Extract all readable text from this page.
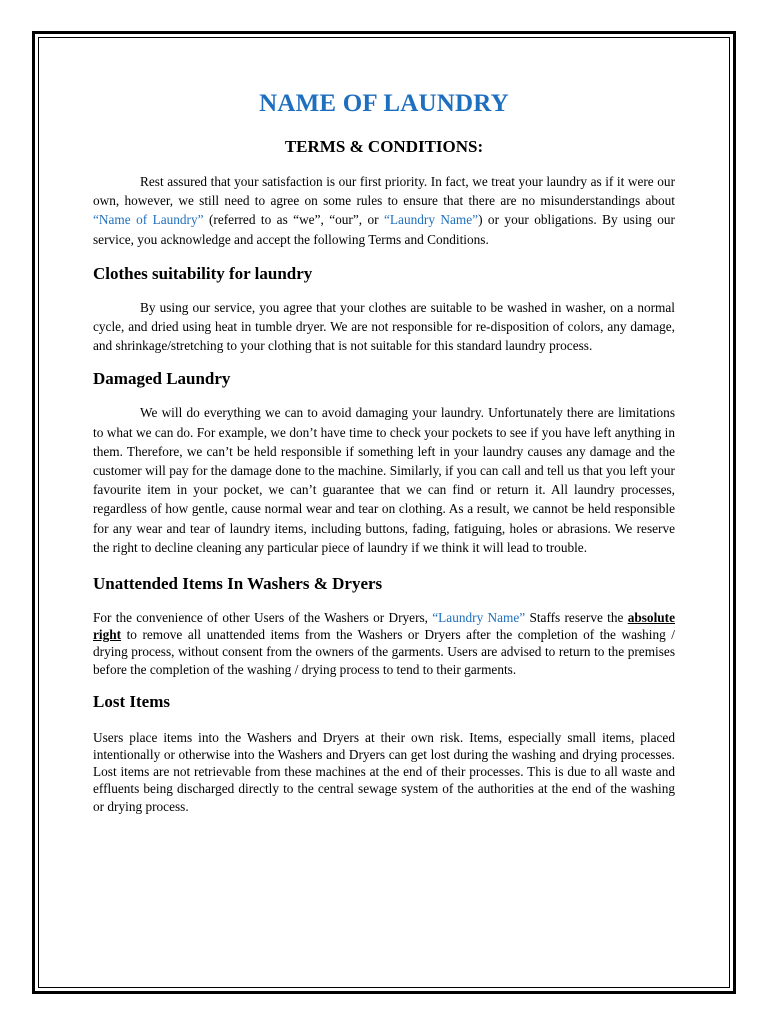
NAME OF LAUNDRY
TERMS & CONDITIONS:

Rest assured that your satisfaction is our first priority. In fact, we treat your laundry as if it were our own, however, we still need to agree on some rules to ensure that there are no misunderstandings about “Name of Laundry” (referred to as “we”, “our”, or “Laundry Name”) or your obligations. By using our service, you acknowledge and accept the following Terms and Conditions.

Clothes suitability for laundry

By using our service, you agree that your clothes are suitable to be washed in washer, on a normal cycle, and dried using heat in tumble dryer. We are not responsible for re-disposition of colors, any damage, and shrinkage/stretching to your clothing that is not suitable for this standard laundry process.

Damaged Laundry

We will do everything we can to avoid damaging your laundry. Unfortunately there are limitations to what we can do. For example, we don’t have time to check your pockets to see if you have left anything in them. Therefore, we can’t be held responsible if something left in your laundry causes any damage and the customer will pay for the damage done to the machine. Similarly, if you can call and tell us that you left your favourite item in your pocket, we can’t guarantee that we can find or return it. All laundry processes, regardless of how gentle, cause normal wear and tear on clothing. As a result, we cannot be held responsible for any wear and tear of laundry items, including buttons, fading, fatiguing, holes or abrasions. We reserve the right to decline cleaning any particular piece of laundry if we think it will lead to trouble.

Unattended Items In Washers & Dryers

For the convenience of other Users of the Washers or Dryers, “Laundry Name” Staffs reserve the absolute right to remove all unattended items from the Washers or Dryers after the completion of the washing / drying process, without consent from the owners of the garments. Users are advised to return to the premises before the completion of the washing / drying process to tend to their garments.

Lost Items

Users place items into the Washers and Dryers at their own risk. Items, especially small items, placed intentionally or otherwise into the Washers and Dryers can get lost during the washing and drying processes. Lost items are not retrievable from these machines at the end of their processes. This is due to all waste and effluents being discharged directly to the central sewage system of the authorities at the end of the washing or drying process.
